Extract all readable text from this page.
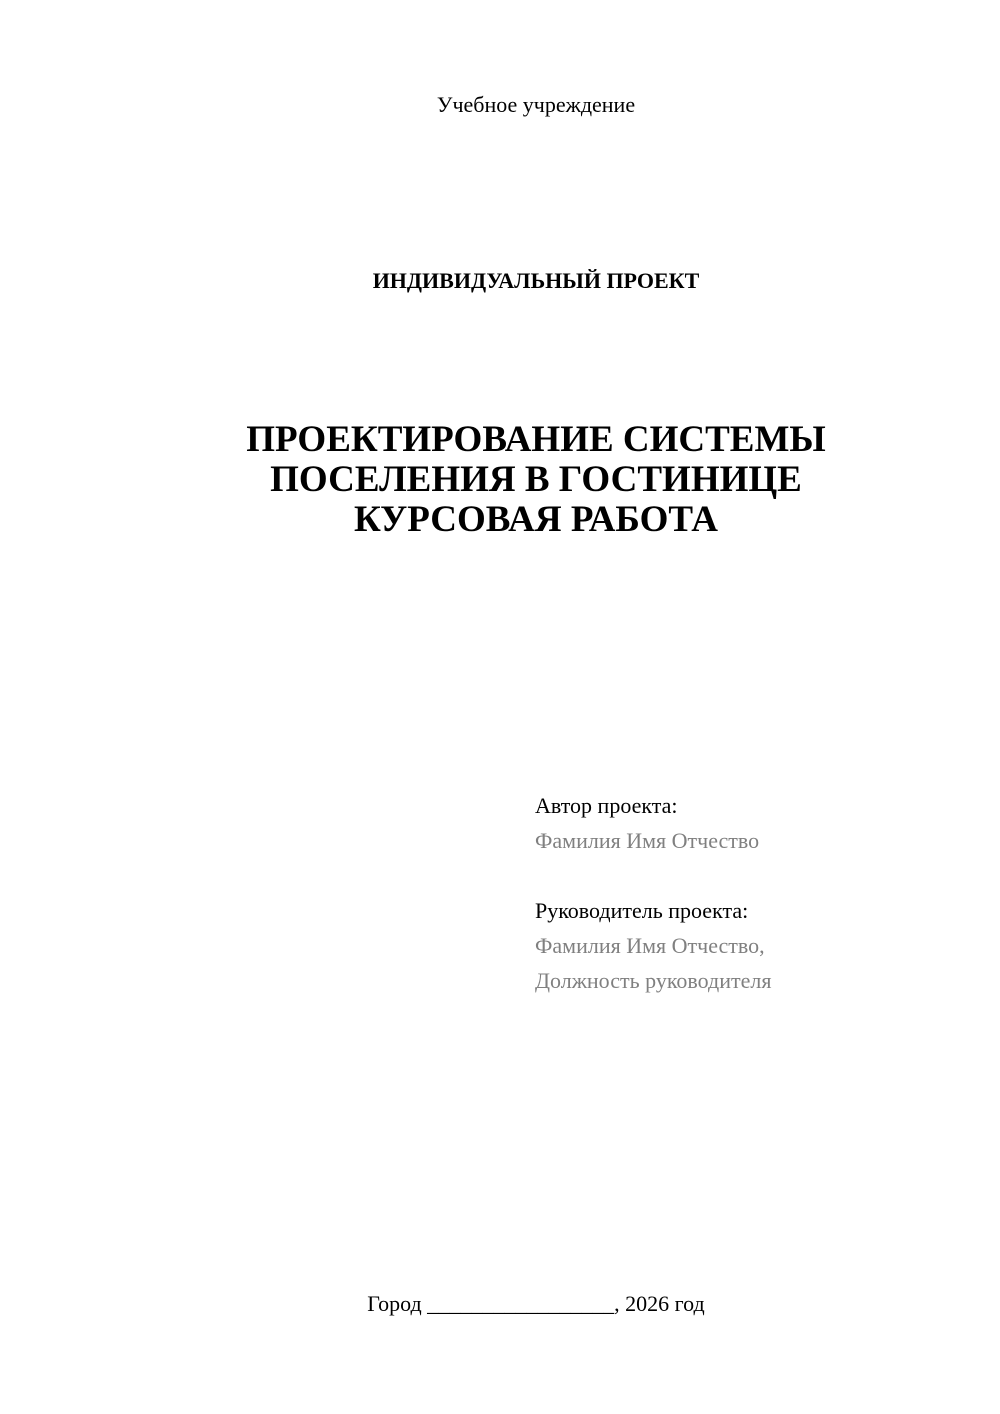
Учебное учреждение
ИНДИВИДУАЛЬНЫЙ ПРОЕКТ
ПРОЕКТИРОВАНИЕ СИСТЕМЫ
ПОСЕЛЕНИЯ В ГОСТИНИЦЕ
КУРСОВАЯ РАБОТА
Автор проекта:
Фамилия Имя Отчество
Руководитель проекта:
Фамилия Имя Отчество,
Должность руководителя
Город _________________, 2026 год
